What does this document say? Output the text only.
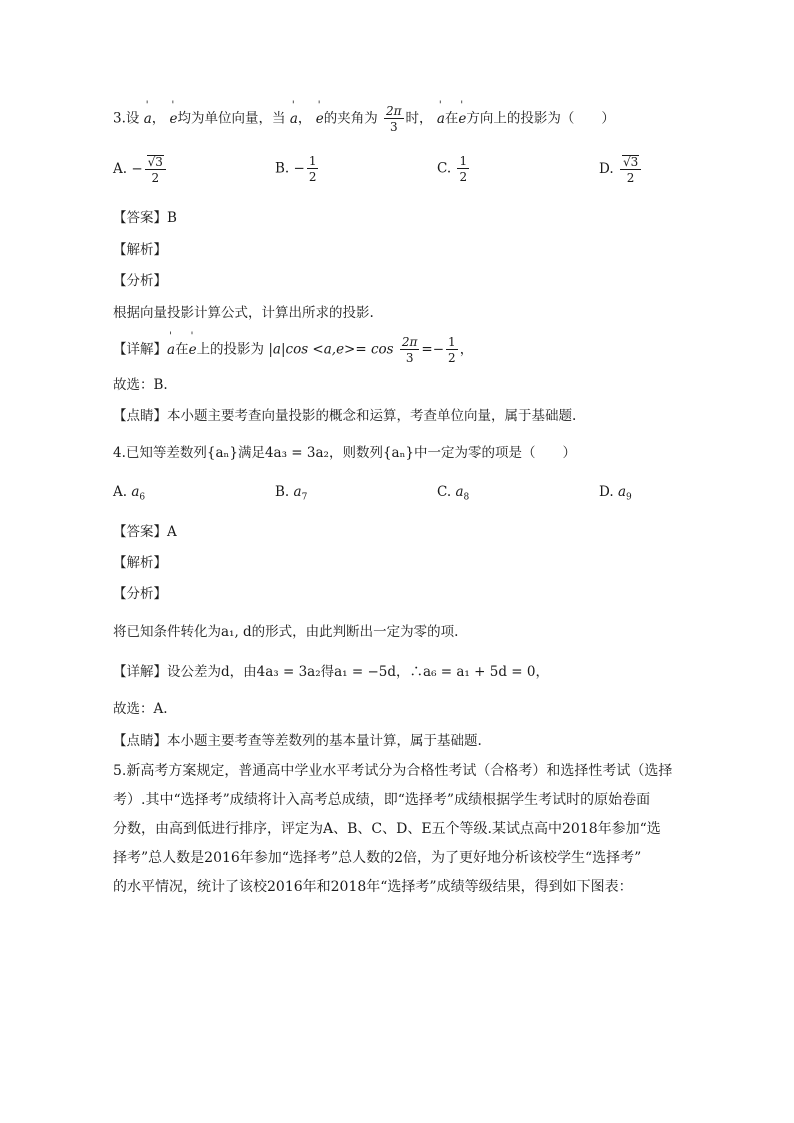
3.设 ' a， ' e均为单位向量，当 ' a， ' e的夹角为 $\frac{2\pi}{3}$ 时， ' a在' e方向上的投影为（　　）
A. − $\frac{√3}{2}$	B. − $\frac{1}{2}$	C. $\frac{1}{2}$	D. $\frac{√3}{2}$
【答案】B
【解析】
【分析】
根据向量投影计算公式，计算出所求的投影.
【详解】' a在' e上的投影为 $|a|\cos <a,e>= \cos \frac{2\pi}{3} =- \frac{1}{2}$ ，
故选：B.
【点睛】本小题主要考查向量投影的概念和运算，考查单位向量，属于基础题.
4.已知等差数列{aₙ}满足4a₃ = 3a₂，则数列{aₙ}中一定为零的项是（　　）
A. $a_6$	B. $a_7$	C. $a_8$	D. $a_9$
【答案】A
【解析】
【分析】
将已知条件转化为a₁, d的形式，由此判断出一定为零的项.
【详解】设公差为d，由4a₃ = 3a₂得a₁ = −5d，∴a₆ = a₁ + 5d = 0，
故选：A.
【点睛】本小题主要考查等差数列的基本量计算，属于基础题.
5.新高考方案规定，普通高中学业水平考试分为合格性考试（合格考）和选择性考试（选择
考）.其中“选择考”成绩将计入高考总成绩，即“选择考”成绩根据学生考试时的原始卷面
分数，由高到低进行排序，评定为A、B、C、D、E五个等级.某试点高中2018年参加“选
择考”总人数是2016年参加“选择考”总人数的2倍，为了更好地分析该校学生“选择考”
的水平情况，统计了该校2016年和2018年“选择考”成绩等级结果，得到如下图表：
